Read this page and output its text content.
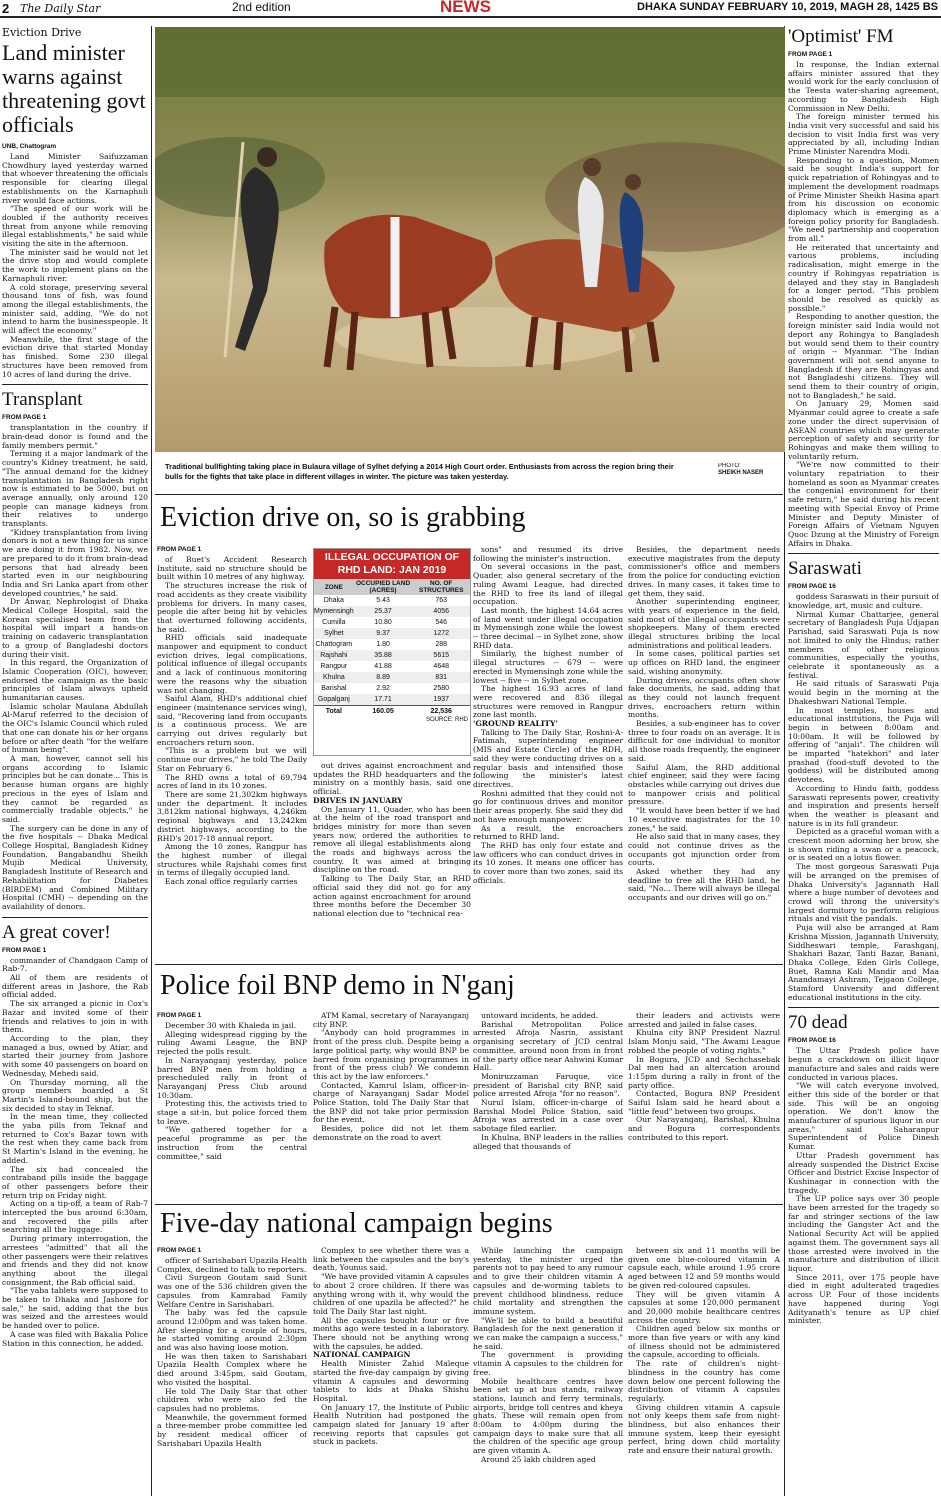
2 The Daily Star	2nd edition	NEWS	DHAKA SUNDAY FEBRUARY 10, 2019, MAGH 28, 1425 BS
Eviction Drive
Land minister warns against threatening govt officials
UNB, Chattogram

Land Minister Saifuzzaman Chowdhury layed yesterday warned that whoever threatening the officials responsible for clearing illegal establishments on the Karnaphuli river would face actions.

"The speed of our work will be doubled if the authority receives threat from anyone while removing illegal establishments," he said while visiting the site in the afternoon.

The minister said he would not let the drive stop and would complete the work to implement plans on the Karnaphuli river.

A cold storage, preserving several thousand tons of fish, was found among the illegal establishments, the minister said, adding, "We do not intend to harm the businesspeople. It will affect the economy."

Meanwhile, the first stage of the eviction drive that started Monday has finished. Some 230 illegal structures have been removed from 10 acres of land during the drive.

Transplant
FROM PAGE 1

transplantation in the country if brain-dead donor is found and the family members permit."

Terming it a major landmark of the country's Kidney treatment, he said, "The annual demand for the kidney transplantation in Bangladesh right now is estimated to be 5000, but on average annually, only around 120 people can manage kidneys from their relatives to undergo transplants.

"Kidney transplantation from living donors is not a new thing for us since we are doing it from 1982. Now, we are prepared to do it from brain-dead persons that had already been started even in our neighbouring India and Sri Lanka apart from other developed countries," he said.

Dr Anwar, Nephrologist of Dhaka Medical College Hospital, said the Korean specialised team from the hospital will impart a hands-on training on cadaveric transplantation to a group of Bangladeshi doctors during their visit.

In this regard, the Organization of Islamic Cooperation (OIC), however, endorsed the campaign as the basic principles of Islam always upheld humanitarian causes.

Islamic scholar Maulana Abdullah Al-Maruf referred to the decision of the OIC's Islamic Council which ruled that one can donate his or her organs before or after death "for the welfare of human being".

A man, however, cannot sell his organs according to Islamic principles but he can donate... This is because human organs are highly precious in the eyes of Islam and they cannot be regarded as commercially tradable objects," he said.

The surgery can be done in any of the five hospitals -- Dhaka Medical College Hospital, Bangladesh Kidney Foundation, Bangabandhu Sheikh Mujib Medical University, Bangladesh Institute of Research and Rehabilitation for Diabetes (BIRDEM) and Combined Military Hospital (CMH) -- depending on the availability of donors.

A great cover!
FROM PAGE 1

commander of Chandgaon Camp of Rab-7.

All of them are residents of different areas in Jashore, the Rab official added.

The six arranged a picnic in Cox's Bazar and invited some of their friends and relatives to join in with them.

According to the plan, they managed a bus, owned by Atiar, and started their journey from Jashore with some 40 passengers on board on Wednesday, Mehedi said.

On Thursday morning, all the group members boarded a St Martin's Island-bound ship, but the six decided to stay in Teknaf.

In the mean time, they collected the yaba pills from Teknaf and returned to Cox's Bazar town with the rest when they came back from St Martin's Island in the evening, he added.

The six had concealed the contraband pills inside the baggage of other passengers before their return trip on Friday night.

Acting on a tip-off, a team of Rab-7 intercepted the bus around 6:30am, and recovered the pills after searching all the luggage.

During primary interrogation, the arrestees "admitted" that all the other passengers were their relatives and friends and they did not know anything about the illegal consignment, the Rab official said.

"The yaba tablets were supposed to be taken to Dhaka and Jashore for sale," he said, adding that the bus was seized and the arrestees would be handed over to police.

A case was filed with Bakalia Police Station in this connection, he added.

Traditional bullfighting taking place in Bulaura village of Sylhet defying a 2014 High Court order. Enthusiasts from across the region bring their bulls for the fights that take place in different villages in winter. The picture was taken yesterday.
PHOTO:
SHEIKH NASER
Eviction drive on, so is grabbing
FROM PAGE 1

of Buet's Accident Research Institute, said no structure should be built within 10 metres of any highway.

The structures increase the risk of road accidents as they create visibility problems for drivers. In many cases, people die after being hit by vehicles that overturned following accidents, he said.

RHD officials said inadequate manpower and equipment to conduct eviction drives, legal complications, political influence of illegal occupants and a lack of continuous monitoring were the reasons why the situation was not changing.

Saiful Alam, RHD's additional chief engineer (maintenance services wing), said, "Recovering land from occupants is a continuous process. We are carrying out drives regularly but encroachers return soon.

"This is a problem but we will continue our drives," he told The Daily Star on February 6.

The RHD owns a total of 69,794 acres of land in its 10 zones.

There are some 21,302km highways under the department. It includes 3,812km national highways, 4,246km regional highways and 13,242km district highways, according to the RHD's 2017-18 annual report.

Among the 10 zones, Rangpur has the highest number of illegal structures while Rajshahi comes first in terms of illegally occupied land.

Each zonal office regularly carries

ILLEGAL OCCUPATION OF RHD LAND: JAN 2019
ZONE	OCCUPIED LAND (ACRES)	NO. OF STRUCTURES
Dhaka	5.43	763
Mymensingh	25.37	4056
Cumilla	10.80	546
Sylhet	9.37	1272
Chattogram	1.80	288
Rajshahi	35.88	5615
Rangpur	41.88	4648
Khulna	8.89	831
Barishal	2.92	2580
Gopalganj	17.71	1937
Total	160.05	22,536
SOURCE: RHD

out drives against encroachment and updates the RHD headquarters and the ministry on a monthly basis, said one official.

DRIVES IN JANUARY

On January 11, Quader, who has been at the helm of the road transport and bridges ministry for more than seven years now, ordered the authorities to remove all illegal establishments along the roads and highways across the country. It was aimed at bringing discipline on the road.

Talking to The Daily Star, an RHD official said they did not go for any action against encroachment for around three months before the December 30 national election due to "technical rea-

sons" and resumed its drive following the minister's instruction.

On several occasions in the past, Quader, also general secretary of the ruling Awami League, had directed the RHD to free its land of illegal occupation.

Last month, the highest 14.64 acres of land went under illegal occupation in Mymensingh zone while the lowest -- three decimal -- in Sylhet zone, show RHD data.

Similarly, the highest number of illegal structures -- 679 -- were erected in Mymensingh zone while the lowest -- five -- in Sylhet zone.

The highest 16.93 acres of land were recovered and 836 illegal structures were removed in Rangpur zone last month.

'GROUND REALITY'

Talking to The Daily Star, Roshni-A-Fatimah, superintending engineer (MIS and Estate Circle) of the RDH, said they were conducting drives on a regular basis and intensified those following the minister's latest directives.

Roshni admitted that they could not go for continuous drives and monitor their areas properly. She said they did not have enough manpower.

As a result, the encroachers returned to RHD land.

The RHD has only four estate and law officers who can conduct drives in its 10 zones. It means one officer has to cover more than two zones, said its officials.

Besides, the department needs executive magistrates from the deputy commissioner's office and members from the police for conducting eviction drives. In many cases, it takes time to get them, they said.

Another superintending engineer, with years of experience in the field, said most of the illegal occupants were shopkeepers. Many of them erected illegal structures bribing the local administrations and political leaders.

In some cases, political parties set up offices on RHD land, the engineer said, wishing anonymity.

During drives, occupants often show fake documents, he said, adding that as they could not launch frequent drives, encroachers return within months.

Besides, a sub-engineer has to cover three to four roads on an average. It is difficult for one individual to monitor all those roads frequently, the engineer said.

Saiful Alam, the RHD additional chief engineer, said they were facing obstacles while carrying out drives due to manpower crisis and political pressure.

"It would have been better if we had 10 executive magistrates for the 10 zones," he said.

He also said that in many cases, they could not continue drives as the occupants got injunction order from courts.

Asked whether they had any deadline to free all the RHD land, he said, "No... There will always be illegal occupants and our drives will go on."

Police foil BNP demo in N'ganj
FROM PAGE 1

December 30 with Khaleda in jail.

Alleging widespread rigging by the ruling Awami League, the BNP rejected the polls result.

In Narayanganj yesterday, police barred BNP men from holding a prescheduled rally in front of Narayanganj Press Club around 10:30am.

Protesting this, the activists tried to stage a sit-in, but police forced them to leave.

"We gathered together for a peaceful programme as per the instruction from the central committee," said

ATM Kamal, secretary of Narayanganj city BNP.

"Anybody can hold programmes in front of the press club. Despite being a large political party, why would BNP be barred from organising programmes in front of the press club? We condemn this act by the law enforcers."

Contacted, Kamrul Islam, officer-in-charge of Narayanganj Sadar Model Police Station, told The Daily Star that the BNP did not take prior permission for the event.

Besides, police did not let them demonstrate on the road to avert

untoward incidents, he added.

Barishal Metropolitan Police arrested Afroja Nasrin, assistant organising secretary of JCD central committee, around noon from in front of the party office near Ashwini Kumar Hall.

Moniruzzaman Faruque, vice president of Barishal city BNP, said police arrested Afroja "for no reason".

Nurul Islam, officer-in-charge of Barishal Model Police Station, said Afroja was arrested in a case over sabotage filed earlier.

In Khulna, BNP leaders in the rallies alleged that thousands of

their leaders and activists were arrested and jailed in false cases.

Khulna city BNP President Nazrul Islam Monju said, "The Awami League robbed the people of voting rights."

In Bogura, JCD and Sechchasebak Dal men had an altercation around 1:15pm during a rally in front of the party office.

Contacted, Bogura BNP President Saiful Islam said he heard about a "little feud" between two groups.

Our Narayanganj, Barishal, Khulna and Bogura correspondents contributed to this report.

Five-day national campaign begins
FROM PAGE 1

officer of Sarishabari Upazila Health Complex, declined to talk to reporters.

Civil Surgeon Goutam said Sunit was one of the 536 children given the capsules from Kamrabad Family Welfare Centre in Sarishabari.

The baby was fed the capsule around 12:00pm and was taken home. After sleeping for a couple of hours, he started vomiting around 2:30pm and was also having loose motion.

He was then taken to Sarishabari Upazila Health Complex where he died around 3:45pm, said Goutam, who visited the hospital.

He told The Daily Star that other children who were also fed the capsules had no problems.

Meanwhile, the government formed a three-member probe committee led by resident medical officer of Sarishabari Upazila Health

Complex to see whether there was a link between the capsules and the boy's death, Younus said.

"We have provided vitamin A capsules to about 2 crore children. If there was anything wrong with it, why would the children of one upazila be affected?" he told The Daily Star last night.

All the capsules bought four or five months ago were tested in a laboratory. There should not be anything wrong with the capsules, he added.

NATIONAL CAMPAIGN

Health Minister Zahid Maleque started the five-day campaign by giving vitamin A capsules and deworming tablets to kids at Dhaka Shishu Hospital.

On January 17, the Institute of Public Health Nutrition had postponed the campaign slated for January 19 after receiving reports that capsules got stuck in packets.

While launching the campaign yesterday, the minister urged the parents not to pay heed to any rumour and to give their children vitamin A capsules and de-worming tablets to prevent childhood blindness, reduce child mortality and strengthen the immune system.

"We'll be able to build a beautiful Bangladesh for the next generation if we can make the campaign a success," he said.

The government is providing vitamin A capsules to the children for free.

Mobile healthcare centres have been set up at bus stands, railway stations, launch and ferry terminals, airports, bridge toll centres and kheya ghats. These will remain open from 8:00am to 4:00pm during the campaign days to make sure that all the children of the specific age group are given vitamin A.

Around 25 lakh children aged

between six and 11 months will be given one blue-coloured vitamin A capsule each, while around 1.95 crore aged between 12 and 59 months would be given red-coloured capsules.

They will be given vitamin A capsules at some 120,000 permanent and 20,000 mobile healthcare centres across the country.

Children aged below six months or more than five years or with any kind of illness should not be administered the capsule, according to officials.

The rate of children's night-blindness in the country has come down below one percent following the distribution of vitamin A capsules regularly.

Giving children vitamin A capsule not only keeps them safe from night-blindness, but also enhances their immune system, keep their eyesight perfect, bring down child mortality rate and ensure their natural growth.

'Optimist' FM
FROM PAGE 1

In response, the Indian external affairs minister assured that they would work for the early conclusion of the Teesta water-sharing agreement, according to Bangladesh High Commission in New Delhi.

The foreign minister termed his India visit very successful and said his decision to visit India first was very appreciated by all, including Indian Prime Minister Narendra Modi.

Responding to a question, Momen said he sought India's support for quick repatriation of Rohingyas and to implement the development roadmaps of Prime Minister Sheikh Hasina apart from his discussion on economic diplomacy which is emerging as a foreign policy priority for Bangladesh. "We need partnership and cooperation from all."

He reiterated that uncertainty and various problems, including radicalisation, might emerge in the country if Rohingyas repatriation is delayed and they stay in Bangladesh for a longer period. "This problem should be resolved as quickly as possible."

Responding to another question, the foreign minister said India would not deport any Rohingya to Bangladesh but would send them to their country of origin -- Myanmar. "The Indian government will not send anyone to Bangladesh if they are Rohingyas and not Bangladeshi citizens. They will send them to their country of origin, not to Bangladesh," he said.

On January 29, Momen said Myanmar could agree to create a safe zone under the direct supervision of ASEAN countries which may generate perception of safety and security for Rohingyas and make them willing to voluntarily return.

"We're now committed to their voluntary repatriation to their homeland as soon as Myanmar creates the congenial environment for their safe return," he said during his recent meeting with Special Envoy of Prime Minister and Deputy Minister of Foreign Affairs of Vietnam Nguyen Quoc Dzung at the Ministry of Foreign Affairs in Dhaka.

Saraswati
FROM PAGE 16

goddess Saraswati in their pursuit of knowledge, art, music and culture.

Nirmal Kumar Chattarjee, general secretary of Bangladesh Puja Udjapan Parishad, said Saraswati Puja is now not limited to only the Hindus; rather members of other religious communities, especially the youths, celebrate it spontaneously as a festival.

He said rituals of Saraswati Puja would begin in the morning at the Dhakeshwari National Temple.

In most temples, houses and educational institutions, the Puja will begin in between 8:00am and 10:00am. It will be followed by offering of "anjali". The children will be imparted "hatekhori" and later prashad (food-stuff devoted to the goddess) will be distributed among devotees.

According to Hindu faith, goddess Saraswati represents power, creativity and inspiration and presents herself when the weather is pleasant and nature is in its full grandeur.

Depicted as a graceful woman with a crescent moon adorning her brow, she is shown riding a swan or a peacock, or is seated on a lotus flower.

The most gorgeous Saraswati Puja will be arranged on the premises of Dhaka University's Jagannath Hall where a huge number of devotees and crowd will throng the university's largest dormitory to perform religious rituals and visit the pandals.

Puja will also be arranged at Ram Krishna Mission, Jagannath University, Siddheswari temple, Farashganj, Shakhari Bazar, Tanti Bazar, Banani, Dhaka College, Eden Girls College, Buet, Ramna Kali Mandir and Maa Anandamayi Ashram, Tejgaon College, Stamford University and different educational institutions in the city.

70 dead
FROM PAGE 16

The Uttar Pradesh police have begun a crackdown on illicit liquor manufacture and sales and raids were conducted in various places.

"We will catch everyone involved, either this side of the border or that side. This will be an ongoing operation. We don't know the manufacturer of spurious liquor in our areas," said Saharanpur Superintendent of Police Dinesh Kumar.

Uttar Pradesh government has already suspended the District Excise Officer and District Excise Inspector of Kushinagar in connection with the tragedy.

The UP police says over 30 people have been arrested for the tragedy so far and stringer sections of the law including the Gangster Act and the National Security Act will be applied against them. The government says all those arrested were involved in the manufacture and distribution of illicit liquor.

Since 2011, over 175 people have died in eight adulterated tragedies across UP. Four of those incidents have happened during Yogi Adityanath's tenure as UP chief minister.
